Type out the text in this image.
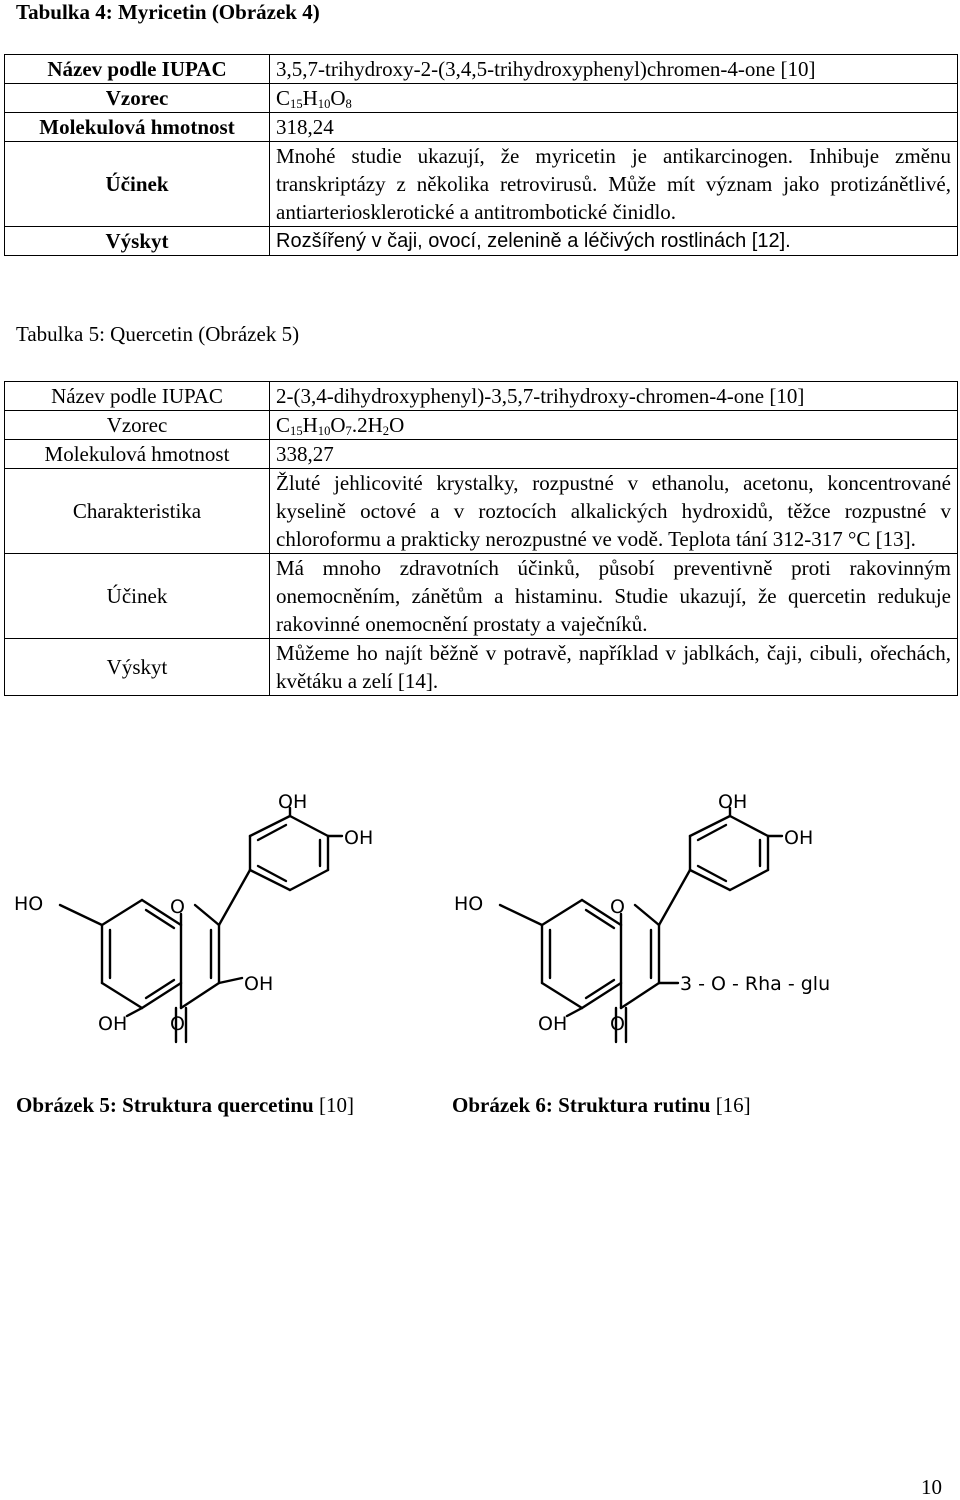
Tabulka 4: Myricetin (Obrázek 4)
Název podle IUPAC	3,5,7-trihydroxy-2-(3,4,5-trihydroxyphenyl)chromen-4-one [10]
Vzorec	$C_{15}H_{10}O_8$
Molekulová hmotnost	318,24
Účinek	Mnohé studie ukazují, že myricetin je antikarcinogen. Inhibuje změnu transkriptázy z několika retrovirusů. Může mít význam jako protizánětlivé, antiarteriosklerotické a antitrombotické činidlo.
Výskyt	Rozšířený v čaji, ovocí, zelenině a léčivých rostlinách [12].
Tabulka 5: Quercetin (Obrázek 5)
Název podle IUPAC	2-(3,4-dihydroxyphenyl)-3,5,7-trihydroxy-chromen-4-one [10]
Vzorec	$C_{15}H_{10}O_7.2H_2O$
Molekulová hmotnost	338,27
Charakteristika	Žluté jehlicovité krystalky, rozpustné v ethanolu, acetonu, koncentrované kyselině octové a v roztocích alkalických hydroxidů, těžce rozpustné v chloroformu a prakticky nerozpustné ve vodě. Teplota tání 312-317 °C [13].
Účinek	Má mnoho zdravotních účinků, působí preventivně proti rakovinným onemocněním, zánětům a histaminu. Studie ukazují, že quercetin redukuje rakovinné onemocnění prostaty a vaječníků.
Výskyt	Můžeme ho najít běžně v potravě, například v jablkách, čaji, cibuli, ořechách, květáku a zelí [14].
OH
OH
HO	O
OH
OH O
OH
OH
HO	O
3 - O - Rha - glu
OH O
Obrázek 5: Struktura quercetinu [10]	Obrázek 6: Struktura rutinu [16]
10
